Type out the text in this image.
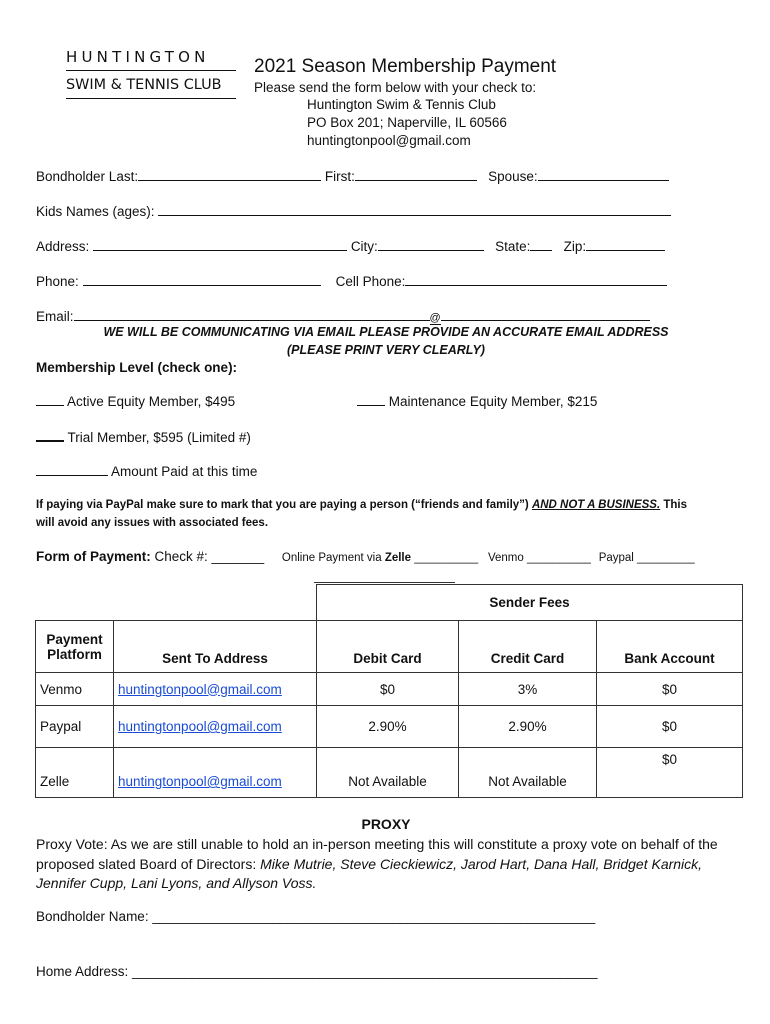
HUNTINGTON
SWIM & TENNIS CLUB
2021 Season Membership Payment
Please send the form below with your check to:
Huntington Swim & Tennis Club
PO Box 201; Naperville, IL 60566
huntingtonpool@gmail.com
Bondholder Last:	First:	Spouse:
Kids Names (ages):
Address:	City:	State: Zip:
Phone:	Cell Phone:
Email:	@
WE WILL BE COMMUNICATING VIA EMAIL PLEASE PROVIDE AN ACCURATE EMAIL ADDRESS
(PLEASE PRINT VERY CLEARLY)
Membership Level (check one):
Active Equity Member, $495	Maintenance Equity Member, $215
Trial Member, $595 (Limited #)
Amount Paid at this time
If paying via PayPal make sure to mark that you are paying a person (“friends and family”) AND NOT A BUSINESS. This
will avoid any issues with associated fees.
Form of Payment: Check #: _______ Online Payment via Zelle __________ Venmo __________ Paypal _________
		Sender Fees		
Payment Platform	Sent To Address	Debit Card	Credit Card	Bank Account
Venmo	huntingtonpool@gmail.com	$0	3%	$0
Paypal	huntingtonpool@gmail.com	2.90%	2.90%	$0
Zelle	huntingtonpool@gmail.com	Not Available	Not Available	$0
PROXY
Proxy Vote: As we are still unable to hold an in-person meeting this will constitute a proxy vote on behalf of the proposed slated Board of Directors: Mike Mutrie, Steve Cieckiewicz, Jarod Hart, Dana Hall, Bridget Karnick, Jennifer Cupp, Lani Lyons, and Allyson Voss.
Bondholder Name: ___________________________________________________________
Home Address: ______________________________________________________________
